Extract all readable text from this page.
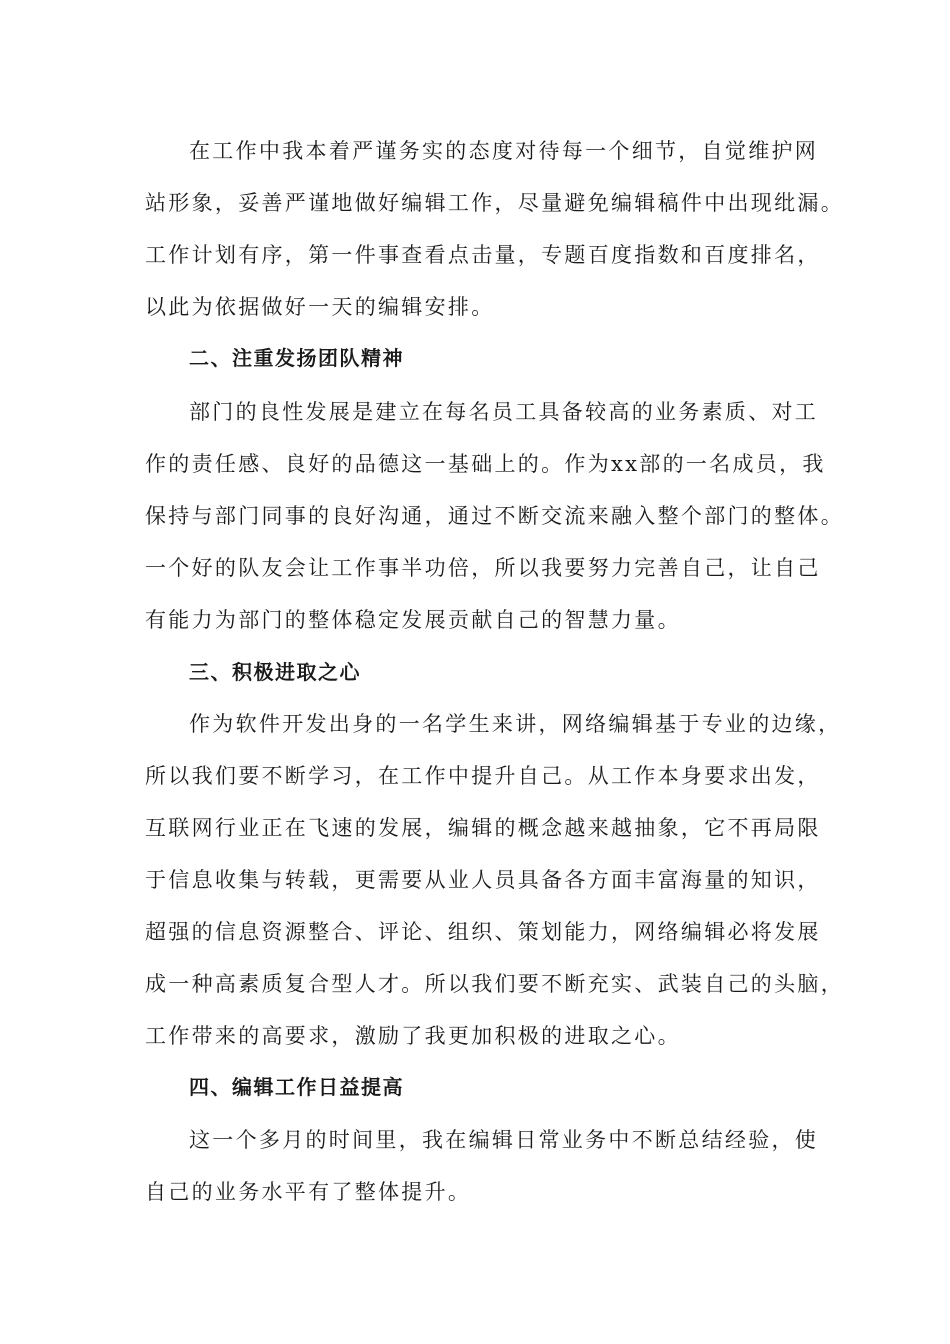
在工作中我本着严谨务实的态度对待每一个细节，自觉维护网
站形象，妥善严谨地做好编辑工作，尽量避免编辑稿件中出现纰漏。
工作计划有序，第一件事查看点击量，专题百度指数和百度排名，
以此为依据做好一天的编辑安排。
二、注重发扬团队精神
部门的良性发展是建立在每名员工具备较高的业务素质、对工
作的责任感、良好的品德这一基础上的。作为xx部的一名成员，我
保持与部门同事的良好沟通，通过不断交流来融入整个部门的整体。
一个好的队友会让工作事半功倍，所以我要努力完善自己，让自己
有能力为部门的整体稳定发展贡献自己的智慧力量。
三、积极进取之心
作为软件开发出身的一名学生来讲，网络编辑基于专业的边缘，
所以我们要不断学习，在工作中提升自己。从工作本身要求出发，
互联网行业正在飞速的发展，编辑的概念越来越抽象，它不再局限
于信息收集与转载，更需要从业人员具备各方面丰富海量的知识，
超强的信息资源整合、评论、组织、策划能力，网络编辑必将发展
成一种高素质复合型人才。所以我们要不断充实、武装自己的头脑，
工作带来的高要求，激励了我更加积极的进取之心。
四、编辑工作日益提高
这一个多月的时间里，我在编辑日常业务中不断总结经验，使
自己的业务水平有了整体提升。
